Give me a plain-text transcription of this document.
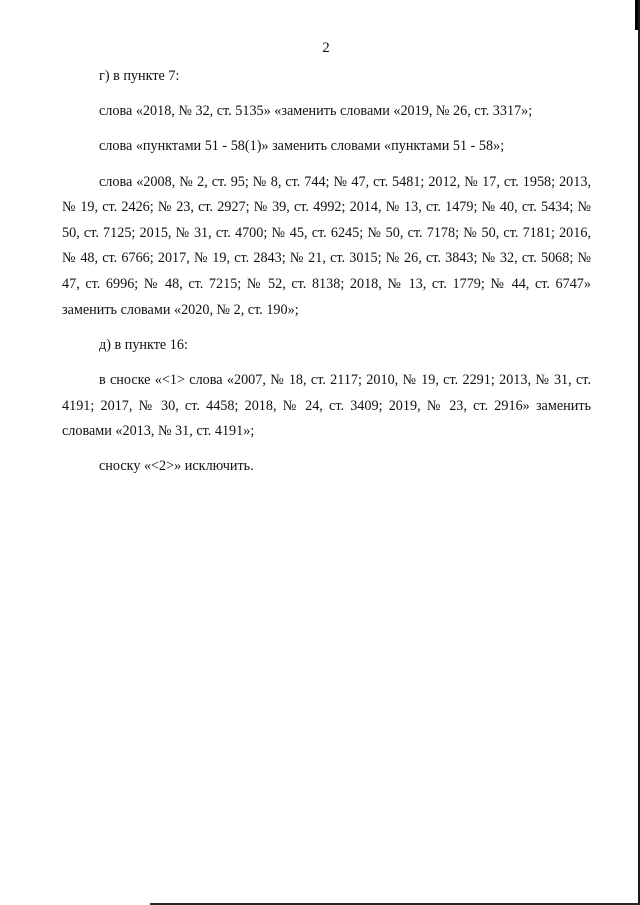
2

г) в пункте 7:

слова «2018, № 32, ст. 5135» «заменить словами «2019, № 26, ст. 3317»;

слова «пунктами 51 - 58(1)» заменить словами «пунктами 51 - 58»;

слова «2008, № 2, ст. 95; № 8, ст. 744; № 47, ст. 5481; 2012, № 17, ст. 1958; 2013, № 19, ст. 2426; № 23, ст. 2927; № 39, ст. 4992; 2014, № 13, ст. 1479; № 40, ст. 5434; № 50, ст. 7125; 2015, № 31, ст. 4700; № 45, ст. 6245; № 50, ст. 7178; № 50, ст. 7181; 2016, № 48, ст. 6766; 2017, № 19, ст. 2843; № 21, ст. 3015; № 26, ст. 3843; № 32, ст. 5068; № 47, ст. 6996; № 48, ст. 7215; № 52, ст. 8138; 2018, № 13, ст. 1779; № 44, ст. 6747» заменить словами «2020, № 2, ст. 190»;

д) в пункте 16:

в сноске «<1> слова «2007, № 18, ст. 2117; 2010, № 19, ст. 2291; 2013, № 31, ст. 4191; 2017, № 30, ст. 4458; 2018, № 24, ст. 3409; 2019, № 23, ст. 2916» заменить словами «2013, № 31, ст. 4191»;

сноску «<2>» исключить.
